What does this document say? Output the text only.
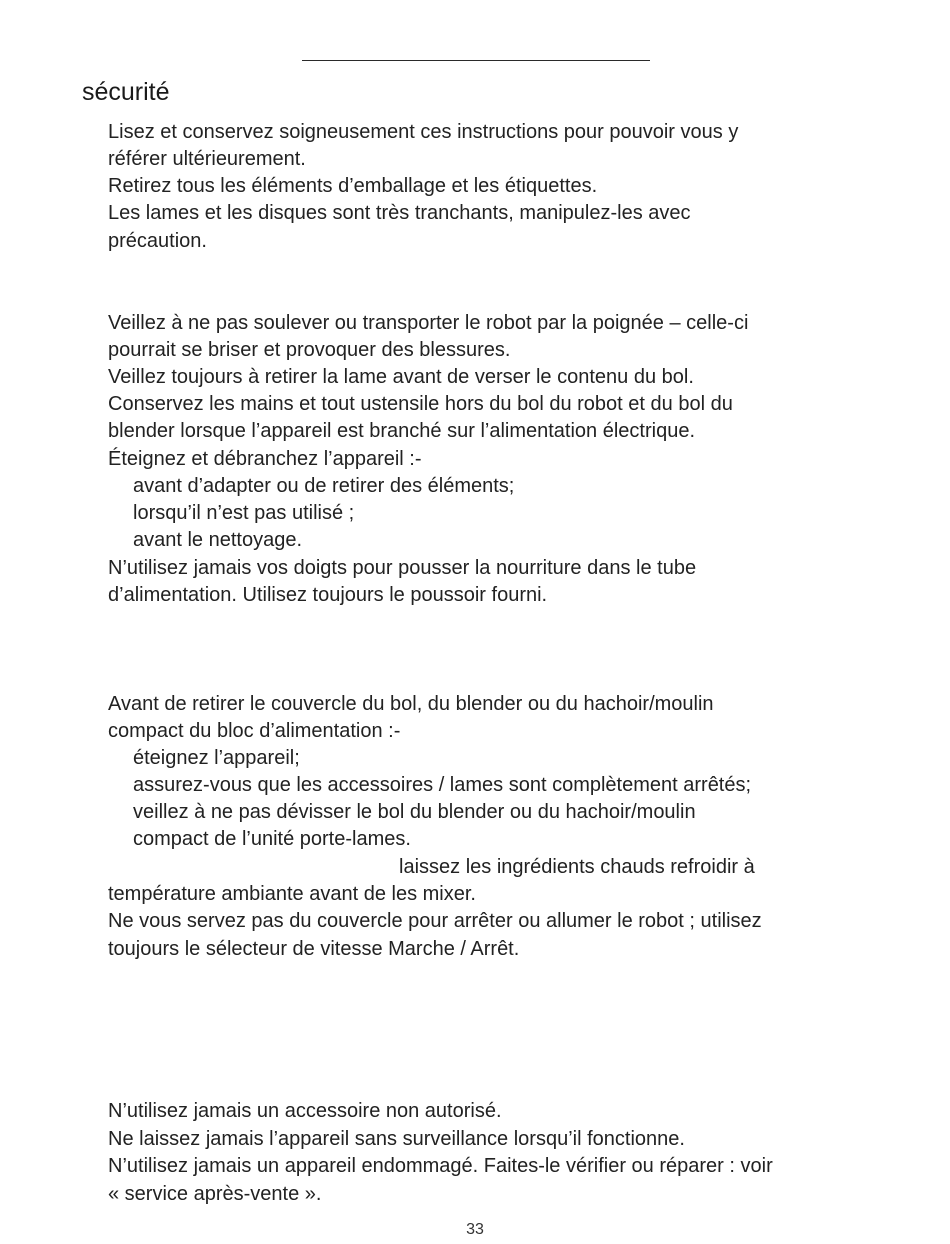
sécurité
Lisez et conservez soigneusement ces instructions pour pouvoir vous y
référer ultérieurement.
Retirez tous les éléments d’emballage et les étiquettes.
Les lames et les disques sont très tranchants, manipulez-les avec
précaution.
Veillez à ne pas soulever ou transporter le robot par la poignée – celle-ci
pourrait se briser et provoquer des blessures.
Veillez toujours à retirer la lame avant de verser le contenu du bol.
Conservez les mains et tout ustensile hors du bol du robot et du bol du
blender lorsque l’appareil est branché sur l’alimentation électrique.
Éteignez et débranchez l’appareil :-
avant d’adapter ou de retirer des éléments;
lorsqu’il n’est pas utilisé ;
avant le nettoyage.
N’utilisez jamais vos doigts pour pousser la nourriture dans le tube
d’alimentation. Utilisez toujours le poussoir fourni.
Avant de retirer le couvercle du bol, du blender ou du hachoir/moulin
compact du bloc d’alimentation :-
éteignez l’appareil;
assurez-vous que les accessoires / lames sont complètement arrêtés;
veillez à ne pas dévisser le bol du blender ou du hachoir/moulin
compact de l’unité porte-lames.
laissez les ingrédients chauds refroidir à
température ambiante avant de les mixer.
Ne vous servez pas du couvercle pour arrêter ou allumer le robot ; utilisez
toujours le sélecteur de vitesse Marche / Arrêt.
N’utilisez jamais un accessoire non autorisé.
Ne laissez jamais l’appareil sans surveillance lorsqu’il fonctionne.
N’utilisez jamais un appareil endommagé. Faites-le vérifier ou réparer : voir
« service après-vente ».
33
